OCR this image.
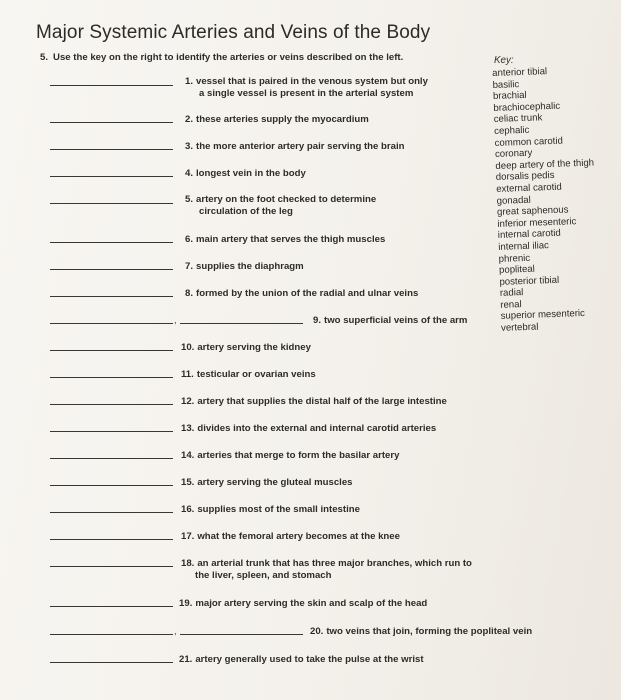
Major Systemic Arteries and Veins of the Body
5. Use the key on the right to identify the arteries or veins described on the left.	Key:
anterior tibial
basilic
brachial
brachiocephalic
celiac trunk
cephalic
common carotid
coronary
deep artery of the thigh
dorsalis pedis
external carotid
gonadal
great saphenous
inferior mesenteric
internal carotid
internal iliac
phrenic
popliteal
posterior tibial
radial
renal
superior mesenteric
vertebral
1. vessel that is paired in the venous system but only
a single vessel is present in the arterial system
2. these arteries supply the myocardium
3. the more anterior artery pair serving the brain
4. longest vein in the body
5. artery on the foot checked to determine
circulation of the leg
6. main artery that serves the thigh muscles
7. supplies the diaphragm
8. formed by the union of the radial and ulnar veins
,	9. two superficial veins of the arm
10. artery serving the kidney
11. testicular or ovarian veins
12. artery that supplies the distal half of the large intestine
13. divides into the external and internal carotid arteries
14. arteries that merge to form the basilar artery
15. artery serving the gluteal muscles
16. supplies most of the small intestine
17. what the femoral artery becomes at the knee
18. an arterial trunk that has three major branches, which run to
the liver, spleen, and stomach
19. major artery serving the skin and scalp of the head
,	20. two veins that join, forming the popliteal vein
21. artery generally used to take the pulse at the wrist
